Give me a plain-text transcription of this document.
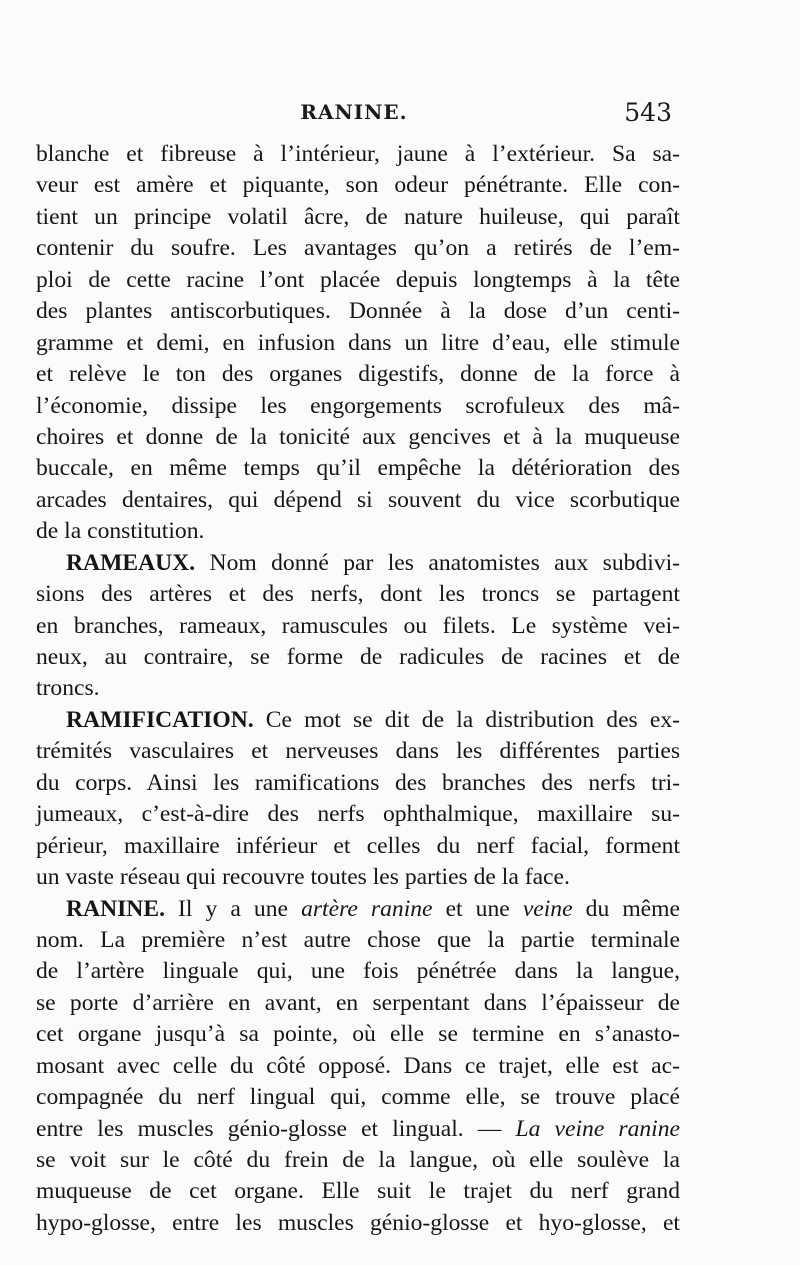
RANINE.	543
blanche et fibreuse à l’intérieur, jaune à l’extérieur. Sa sa-
veur est amère et piquante, son odeur pénétrante. Elle con-
tient un principe volatil âcre, de nature huileuse, qui paraît
contenir du soufre. Les avantages qu’on a retirés de l’em-
ploi de cette racine l’ont placée depuis longtemps à la tête
des plantes antiscorbutiques. Donnée à la dose d’un centi-
gramme et demi, en infusion dans un litre d’eau, elle stimule
et relève le ton des organes digestifs, donne de la force à
l’économie, dissipe les engorgements scrofuleux des mâ-
choires et donne de la tonicité aux gencives et à la muqueuse
buccale, en même temps qu’il empêche la détérioration des
arcades dentaires, qui dépend si souvent du vice scorbutique
de la constitution.
RAMEAUX. Nom donné par les anatomistes aux subdivi-
sions des artères et des nerfs, dont les troncs se partagent
en branches, rameaux, ramuscules ou filets. Le système vei-
neux, au contraire, se forme de radicules de racines et de
troncs.
RAMIFICATION. Ce mot se dit de la distribution des ex-
trémités vasculaires et nerveuses dans les différentes parties
du corps. Ainsi les ramifications des branches des nerfs tri-
jumeaux, c’est-à-dire des nerfs ophthalmique, maxillaire su-
périeur, maxillaire inférieur et celles du nerf facial, forment
un vaste réseau qui recouvre toutes les parties de la face.
RANINE. Il y a une artère ranine et une veine du même
nom. La première n’est autre chose que la partie terminale
de l’artère linguale qui, une fois pénétrée dans la langue,
se porte d’arrière en avant, en serpentant dans l’épaisseur de
cet organe jusqu’à sa pointe, où elle se termine en s’anasto-
mosant avec celle du côté opposé. Dans ce trajet, elle est ac-
compagnée du nerf lingual qui, comme elle, se trouve placé
entre les muscles génio-glosse et lingual. — La veine ranine
se voit sur le côté du frein de la langue, où elle soulève la
muqueuse de cet organe. Elle suit le trajet du nerf grand
hypo-glosse, entre les muscles génio-glosse et hyo-glosse, et
